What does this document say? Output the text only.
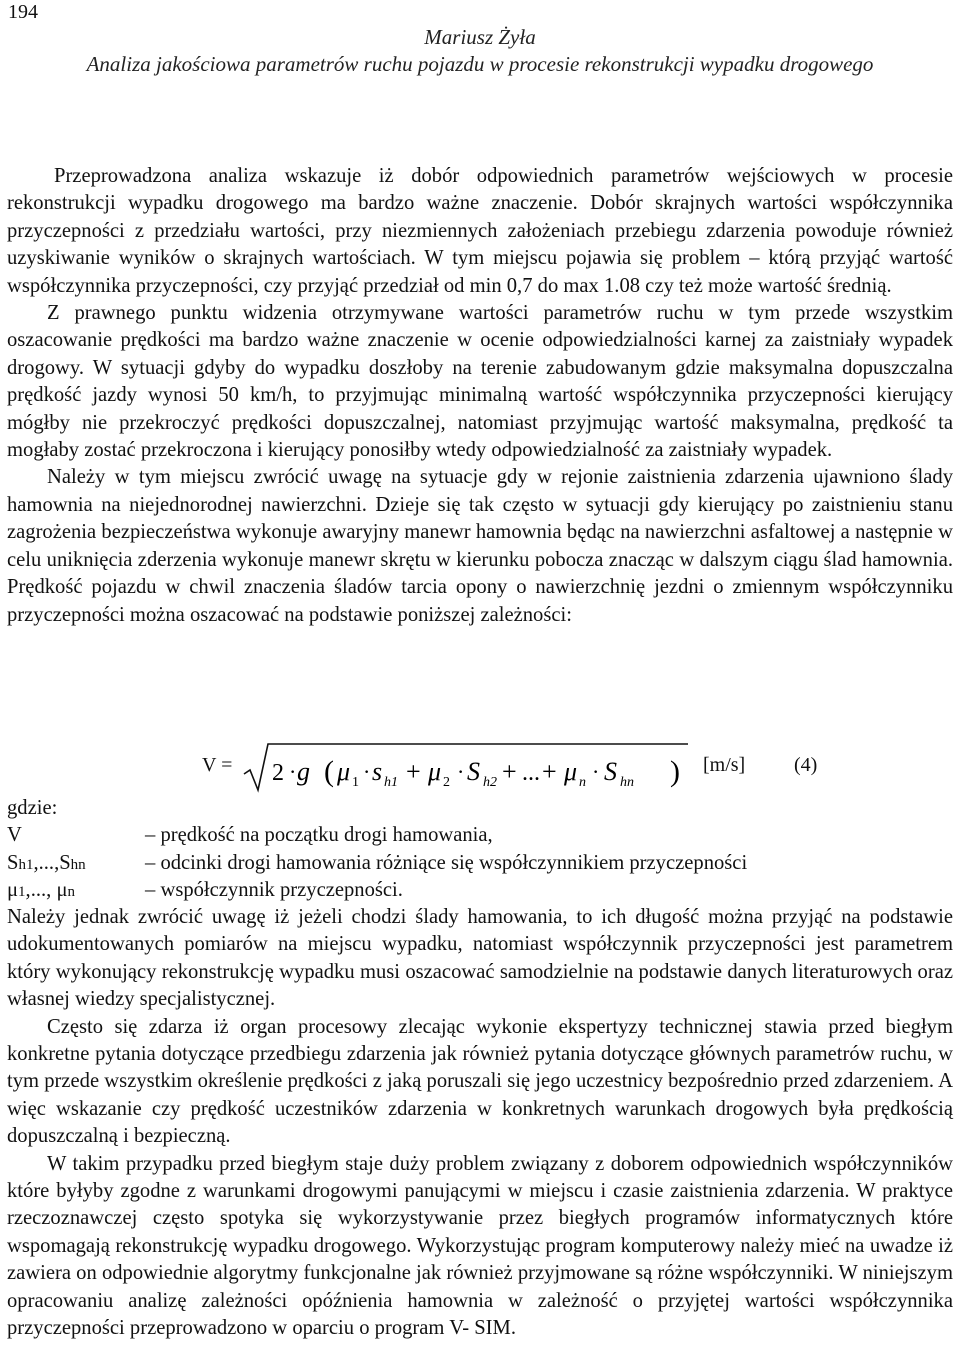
194
Mariusz Żyła
Analiza jakościowa parametrów ruchu pojazdu w procesie rekonstrukcji wypadku drogowego

Przeprowadzona analiza wskazuje iż dobór odpowiednich parametrów wejściowych w procesie rekonstrukcji wypadku drogowego ma bardzo ważne znaczenie. Dobór skrajnych wartości współczynnika przyczepności z przedziału wartości, przy niezmiennych założeniach przebiegu zdarzenia powoduje również uzyskiwanie wyników o skrajnych wartościach. W tym miejscu pojawia się problem – którą przyjąć wartość współczynnika przyczepności, czy przyjąć przedział od min 0,7 do max 1.08 czy też może wartość średnią.

Z prawnego punktu widzenia otrzymywane wartości parametrów ruchu w tym przede wszystkim oszacowanie prędkości ma bardzo ważne znaczenie w ocenie odpowiedzialności karnej za zaistniały wypadek drogowy. W sytuacji gdyby do wypadku doszłoby na terenie zabudowanym gdzie maksymalna dopuszczalna prędkość jazdy wynosi 50 km/h, to przyjmując minimalną wartość współczynnika przyczepności kierujący mógłby nie przekroczyć prędkości dopuszczalnej, natomiast przyjmując wartość maksymalna, prędkość ta mogłaby zostać przekroczona i kierujący ponosiłby wtedy odpowiedzialność za zaistniały wypadek.

Należy w tym miejscu zwrócić uwagę na sytuacje gdy w rejonie zaistnienia zdarzenia ujawniono ślady hamownia na niejednorodnej nawierzchni. Dzieje się tak często w sytuacji gdy kierujący po zaistnieniu stanu zagrożenia bezpieczeństwa wykonuje awaryjny manewr hamownia będąc na nawierzchni asfaltowej a następnie w celu uniknięcia zderzenia wykonuje manewr skrętu w kierunku pobocza znacząc w dalszym ciągu ślad hamownia. Prędkość pojazdu w chwil znaczenia śladów tarcia opony o nawierzchnię jezdni o zmiennym współczynniku przyczepności można oszacować na podstawie poniższej zależności:

V = 2 · g ( μ 1 · s h1 + μ 2 · S h2 + ... + μ n · S hn ) [m/s] (4)
gdzie:
V	– prędkość na początku drogi hamowania,
Sh1,...,Shn	– odcinki drogi hamowania różniące się współczynnikiem przyczepności
μ1,..., μn	– współczynnik przyczepności.

Należy jednak zwrócić uwagę iż jeżeli chodzi ślady hamowania, to ich długość można przyjąć na podstawie udokumentowanych pomiarów na miejscu wypadku, natomiast współczynnik przyczepności jest parametrem który wykonujący rekonstrukcję wypadku musi oszacować samodzielnie na podstawie danych literaturowych oraz własnej wiedzy specjalistycznej.

Często się zdarza iż organ procesowy zlecając wykonie ekspertyzy technicznej stawia przed biegłym konkretne pytania dotyczące przedbiegu zdarzenia jak również pytania dotyczące głównych parametrów ruchu, w tym przede wszystkim określenie prędkości z jaką poruszali się jego uczestnicy bezpośrednio przed zdarzeniem. A więc wskazanie czy prędkość uczestników zdarzenia w konkretnych warunkach drogowych była prędkością dopuszczalną i bezpieczną.

W takim przypadku przed biegłym staje duży problem związany z doborem odpowiednich współczynników które byłyby zgodne z warunkami drogowymi panującymi w miejscu i czasie zaistnienia zdarzenia. W praktyce rzeczoznawczej często spotyka się wykorzystywanie przez biegłych programów informatycznych które wspomagają rekonstrukcję wypadku drogowego. Wykorzystując program komputerowy należy mieć na uwadze iż zawiera on odpowiednie algorytmy funkcjonalne jak również przyjmowane są różne współczynniki. W niniejszym opracowaniu analizę zależności opóźnienia hamownia w zależność o przyjętej wartości współczynnika przyczepności przeprowadzono w oparciu o program V- SIM.
